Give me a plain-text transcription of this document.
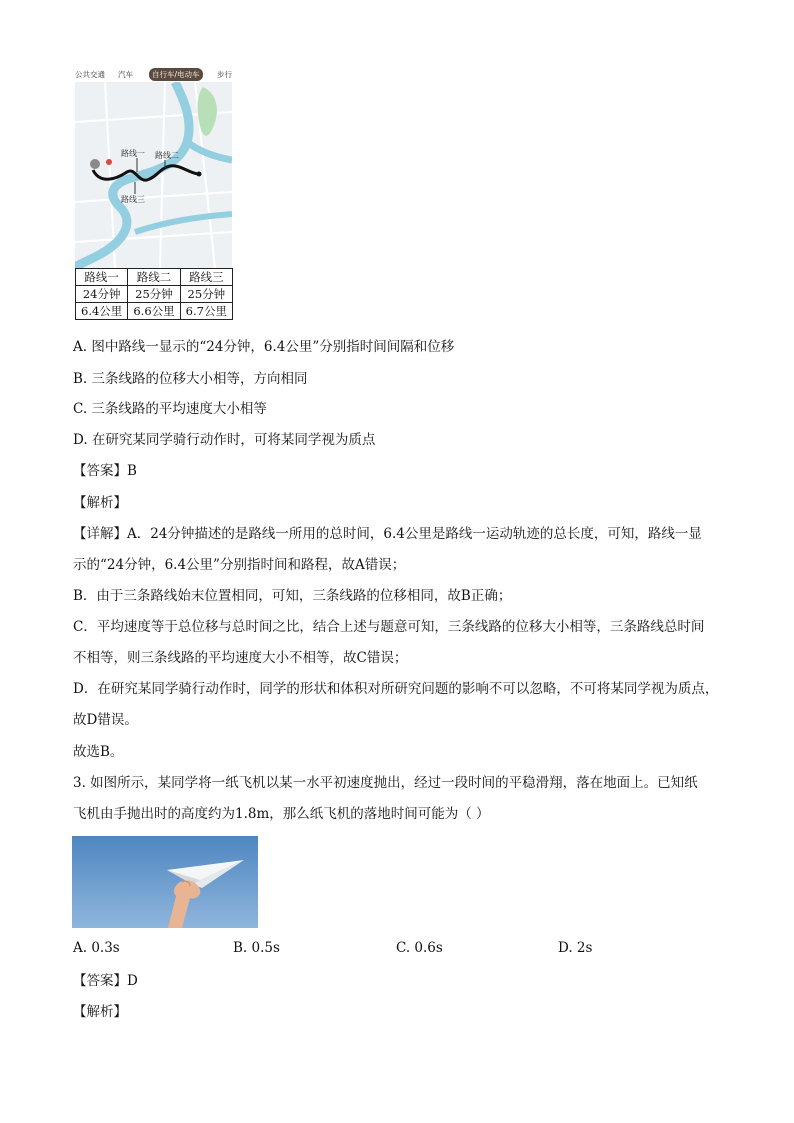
公共交通 汽车	自行车/电动车	步行
路线一 路线二
路线三
路线一	路线二	路线三
24分钟	25分钟	25分钟
6.4公里	6.6公里	6.7公里
A. 图中路线一显示的“24分钟，6.4公里”分别指时间间隔和位移
B. 三条线路的位移大小相等，方向相同
C. 三条线路的平均速度大小相等
D. 在研究某同学骑行动作时，可将某同学视为质点
【答案】B
【解析】
【详解】A．24分钟描述的是路线一所用的总时间，6.4公里是路线一运动轨迹的总长度，可知，路线一显
示的“24分钟，6.4公里”分别指时间和路程，故A错误；
B．由于三条路线始末位置相同，可知，三条线路的位移相同，故B正确；
C．平均速度等于总位移与总时间之比，结合上述与题意可知，三条线路的位移大小相等，三条路线总时间
不相等，则三条线路的平均速度大小不相等，故C错误；
D．在研究某同学骑行动作时，同学的形状和体积对所研究问题的影响不可以忽略，不可将某同学视为质点，
故D错误。
故选B。
3. 如图所示，某同学将一纸飞机以某一水平初速度抛出，经过一段时间的平稳滑翔，落在地面上。已知纸
飞机由手抛出时的高度约为1.8m，那么纸飞机的落地时间可能为（ ）
A. 0.3s	B. 0.5s	C. 0.6s	D. 2s
【答案】D
【解析】
